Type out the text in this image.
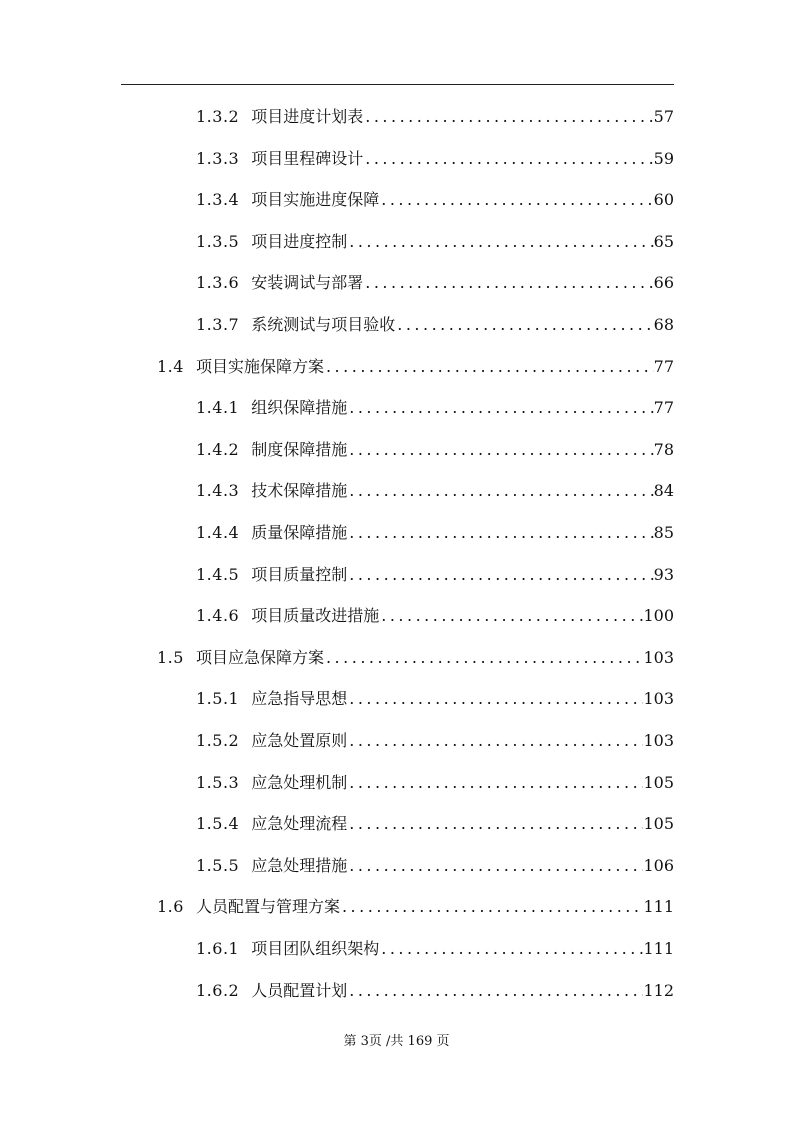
1.3.2 项目进度计划表 .....	57
1.3.3 项目里程碑设计 .....	59
1.3.4 项目实施进度保障 .....	60
1.3.5 项目进度控制 .....	65
1.3.6 安装调试与部署 .....	66
1.3.7 系统测试与项目验收 .....	68
1.4 项目实施保障方案 .....	77
1.4.1 组织保障措施 .....	77
1.4.2 制度保障措施 .....	78
1.4.3 技术保障措施 .....	84
1.4.4 质量保障措施 .....	85
1.4.5 项目质量控制 .....	93
1.4.6 项目质量改进措施 .....	100
1.5 项目应急保障方案 .....	103
1.5.1 应急指导思想 .....	103
1.5.2 应急处置原则 .....	103
1.5.3 应急处理机制 .....	105
1.5.4 应急处理流程 .....	105
1.5.5 应急处理措施 .....	106
1.6 人员配置与管理方案 .....	111
1.6.1 项目团队组织架构 .....	111
1.6.2 人员配置计划 .....	112
第 3页 /共 169 页
